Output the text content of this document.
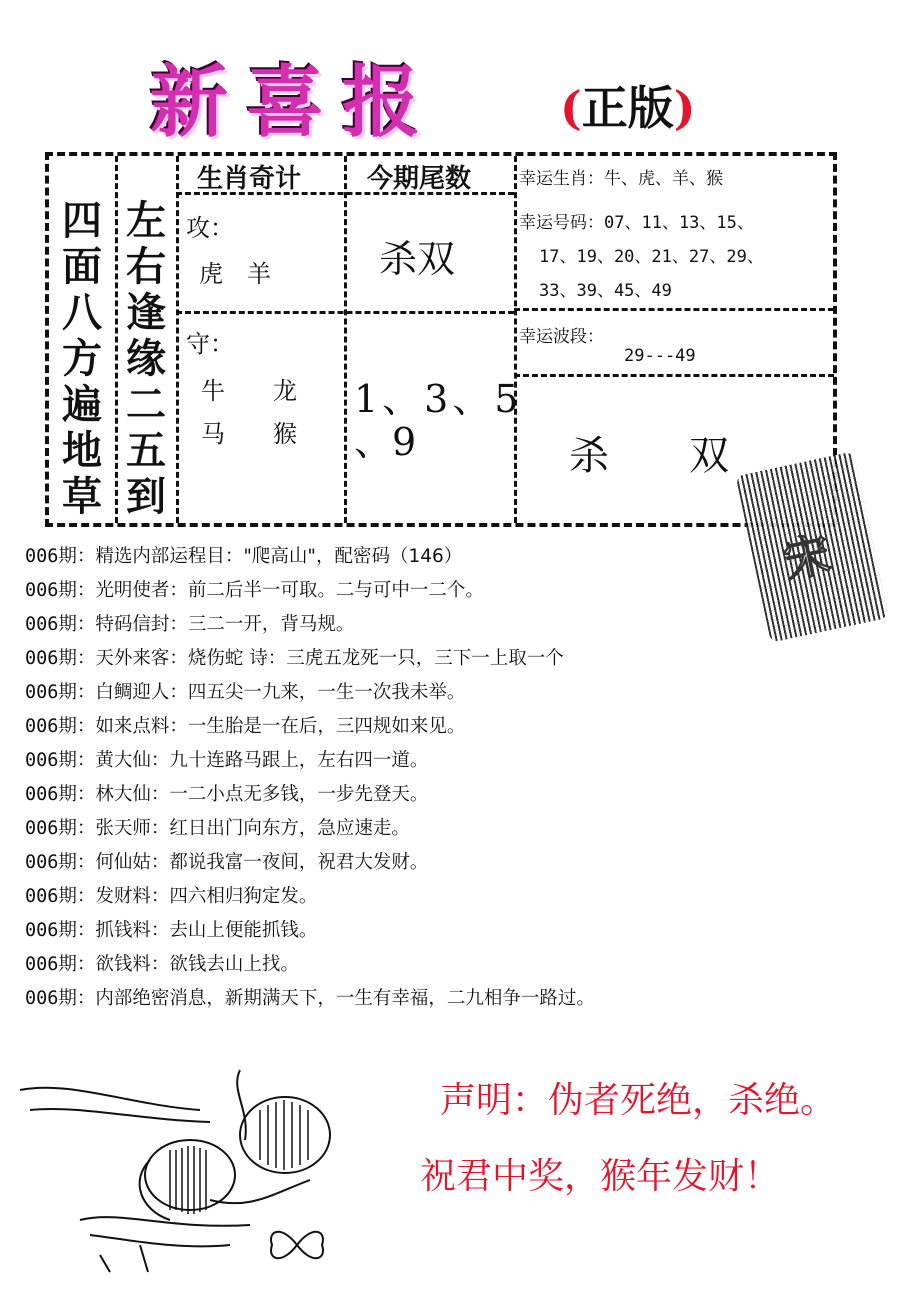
新喜报	(正版)
四面八方遍地草
左右逢缘二五到
生肖奇计	今期尾数
攻：
虎　羊	杀双
守：
牛　　龙
马　　猴
1、3、5
、9
幸运生肖：牛、虎、羊、猴
幸运号码：07、11、13、15、
17、19、20、21、27、29、
33、39、45、49
幸运波段：
29---49
杀　　双
宋
006期：精选内部运程目："爬高山"，配密码（146）
006期：光明使者：前二后半一可取。二与可中一二个。
006期：特码信封：三二一开，背马规。
006期：天外来客：烧伤蛇 诗：三虎五龙死一只，三下一上取一个
006期：白鲷迎人：四五尖一九来，一生一次我未举。
006期：如来点料：一生胎是一在后，三四规如来见。
006期：黄大仙：九十连路马跟上，左右四一道。
006期：林大仙：一二小点无多钱，一步先登天。
006期：张天师：红日出门向东方，急应速走。
006期：何仙姑：都说我富一夜间，祝君大发财。
006期：发财料：四六相归狗定发。
006期：抓钱料：去山上便能抓钱。
006期：欲钱料：欲钱去山上找。
006期：内部绝密消息，新期满天下，一生有幸福，二九相争一路过。
声明：伪者死绝，杀绝。
祝君中奖，猴年发财！
